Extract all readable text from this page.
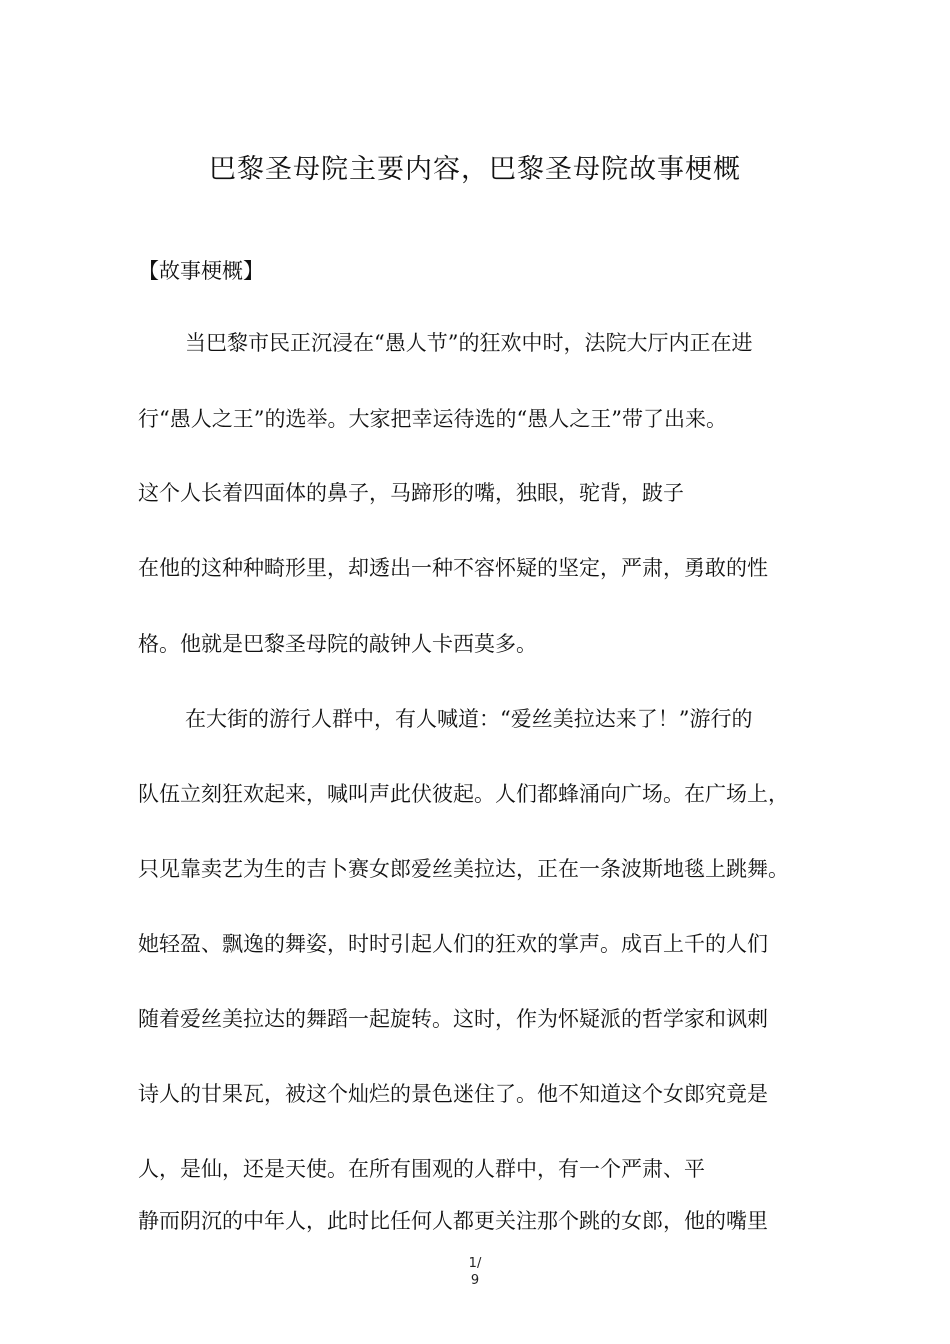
巴黎圣母院主要内容，巴黎圣母院故事梗概
【故事梗概】
当巴黎市民正沉浸在“愚人节”的狂欢中时，法院大厅内正在进
行“愚人之王”的选举。大家把幸运待选的“愚人之王”带了出来。
这个人长着四面体的鼻子，马蹄形的嘴，独眼，驼背，跛子
在他的这种种畸形里，却透出一种不容怀疑的坚定，严肃，勇敢的性
格。他就是巴黎圣母院的敲钟人卡西莫多。
在大街的游行人群中，有人喊道：“爱丝美拉达来了！”游行的
队伍立刻狂欢起来，喊叫声此伏彼起。人们都蜂涌向广场。在广场上，
只见靠卖艺为生的吉卜赛女郎爱丝美拉达，正在一条波斯地毯上跳舞。
她轻盈、飘逸的舞姿，时时引起人们的狂欢的掌声。成百上千的人们
随着爱丝美拉达的舞蹈一起旋转。这时，作为怀疑派的哲学家和讽刺
诗人的甘果瓦，被这个灿烂的景色迷住了。他不知道这个女郎究竟是
人，是仙，还是天使。在所有围观的人群中，有一个严肃、平
静而阴沉的中年人，此时比任何人都更关注那个跳的女郎，他的嘴里
1/
9
